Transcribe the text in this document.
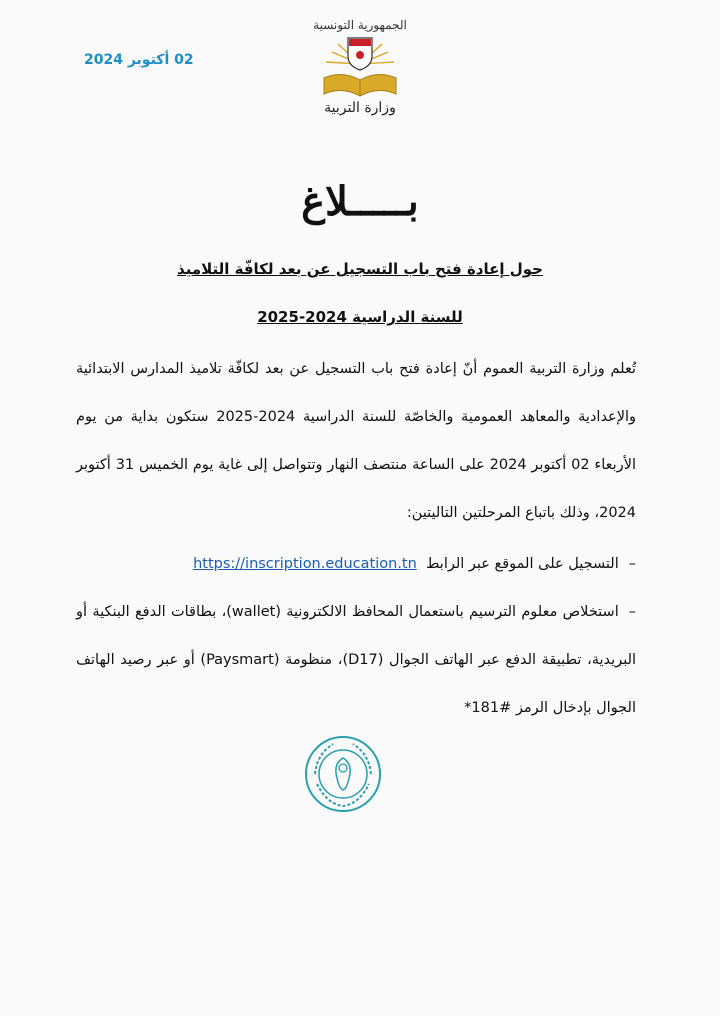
02 أكتوبر 2024
الجمهورية التونسية
وزارة التربية
بـــــلاغ
حول إعادة فتح باب التسجيل عن بعد لكافّة التلاميذ
للسنة الدراسية 2024-2025
تُعلم وزارة التربية العموم أنّ إعادة فتح باب التسجيل عن بعد لكافّة تلاميذ المدارس الابتدائية والإعدادية والمعاهد العمومية والخاصّة للسنة الدراسية 2024-2025 ستكون بداية من يوم الأربعاء 02 أكتوبر 2024 على الساعة منتصف النهار وتتواصل إلى غاية يوم الخميس 31 أكتوبر 2024، وذلك باتباع المرحلتين التاليتين:
–التسجيل على الموقع عبر الرابط  https://inscription.education.tn
–استخلاص معلوم الترسيم باستعمال المحافظ الالكترونية (wallet)، بطاقات الدفع البنكية أو البريدية، تطبيقة الدفع عبر الهاتف الجوال (D17)، منظومة (Paysmart) أو عبر رصيد الهاتف الجوال بإدخال الرمز #181*
